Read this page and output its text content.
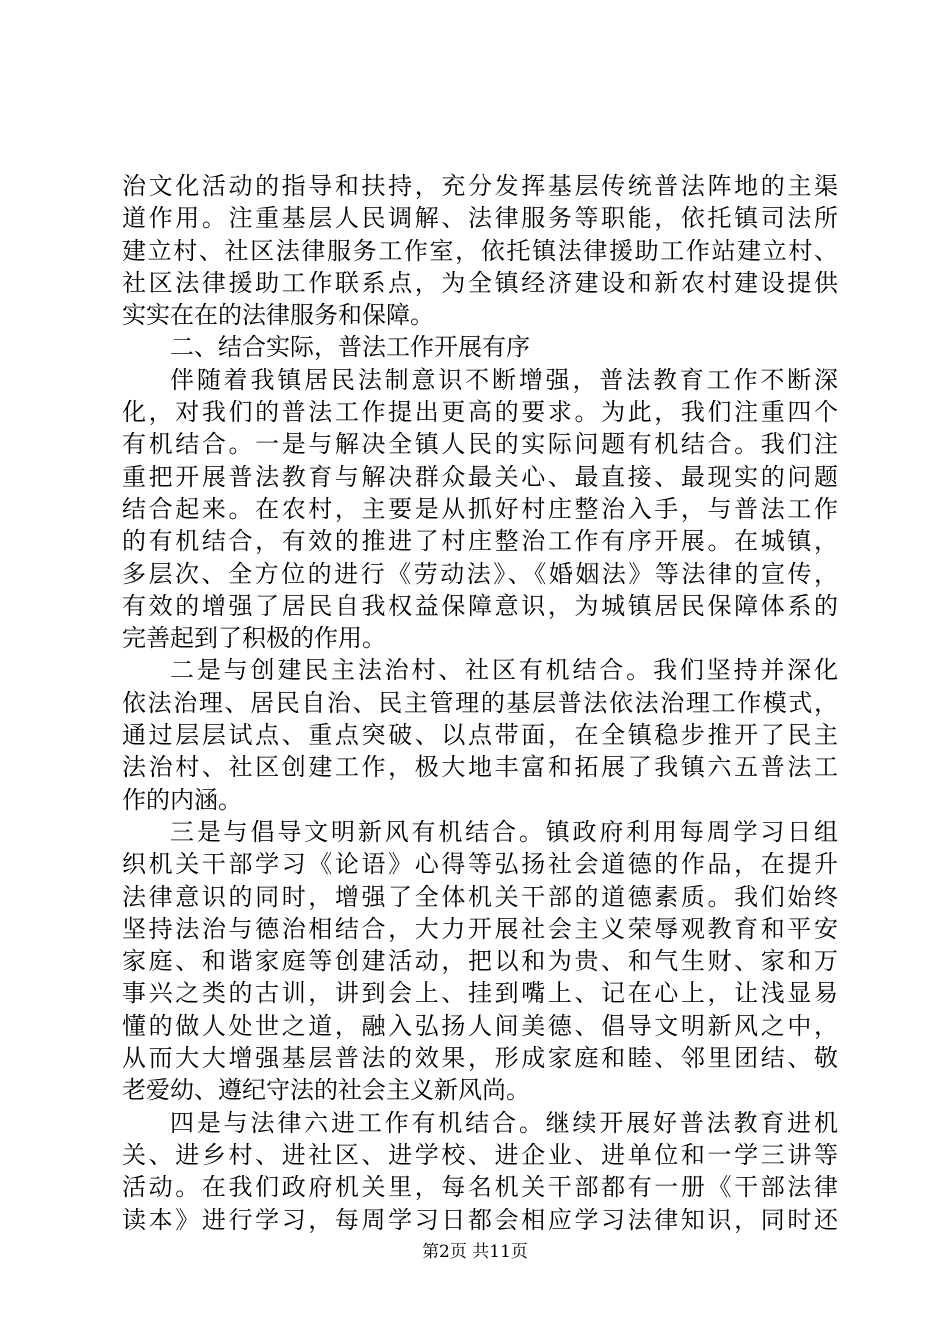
治文化活动的指导和扶持，充分发挥基层传统普法阵地的主渠
道作用。注重基层人民调解、法律服务等职能，依托镇司法所
建立村、社区法律服务工作室，依托镇法律援助工作站建立村、
社区法律援助工作联系点，为全镇经济建设和新农村建设提供
实实在在的法律服务和保障。
二、结合实际，普法工作开展有序
伴随着我镇居民法制意识不断增强，普法教育工作不断深
化，对我们的普法工作提出更高的要求。为此，我们注重四个
有机结合。一是与解决全镇人民的实际问题有机结合。我们注
重把开展普法教育与解决群众最关心、最直接、最现实的问题
结合起来。在农村，主要是从抓好村庄整治入手，与普法工作
的有机结合，有效的推进了村庄整治工作有序开展。在城镇，
多层次、全方位的进行《劳动法》、《婚姻法》等法律的宣传，
有效的增强了居民自我权益保障意识，为城镇居民保障体系的
完善起到了积极的作用。
二是与创建民主法治村、社区有机结合。我们坚持并深化
依法治理、居民自治、民主管理的基层普法依法治理工作模式，
通过层层试点、重点突破、以点带面，在全镇稳步推开了民主
法治村、社区创建工作，极大地丰富和拓展了我镇六五普法工
作的内涵。
三是与倡导文明新风有机结合。镇政府利用每周学习日组
织机关干部学习《论语》心得等弘扬社会道德的作品，在提升
法律意识的同时，增强了全体机关干部的道德素质。我们始终
坚持法治与德治相结合，大力开展社会主义荣辱观教育和平安
家庭、和谐家庭等创建活动，把以和为贵、和气生财、家和万
事兴之类的古训，讲到会上、挂到嘴上、记在心上，让浅显易
懂的做人处世之道，融入弘扬人间美德、倡导文明新风之中，
从而大大增强基层普法的效果，形成家庭和睦、邻里团结、敬
老爱幼、遵纪守法的社会主义新风尚。
四是与法律六进工作有机结合。继续开展好普法教育进机
关、进乡村、进社区、进学校、进企业、进单位和一学三讲等
活动。在我们政府机关里，每名机关干部都有一册《干部法律
读本》进行学习，每周学习日都会相应学习法律知识，同时还
第2页 共11页
